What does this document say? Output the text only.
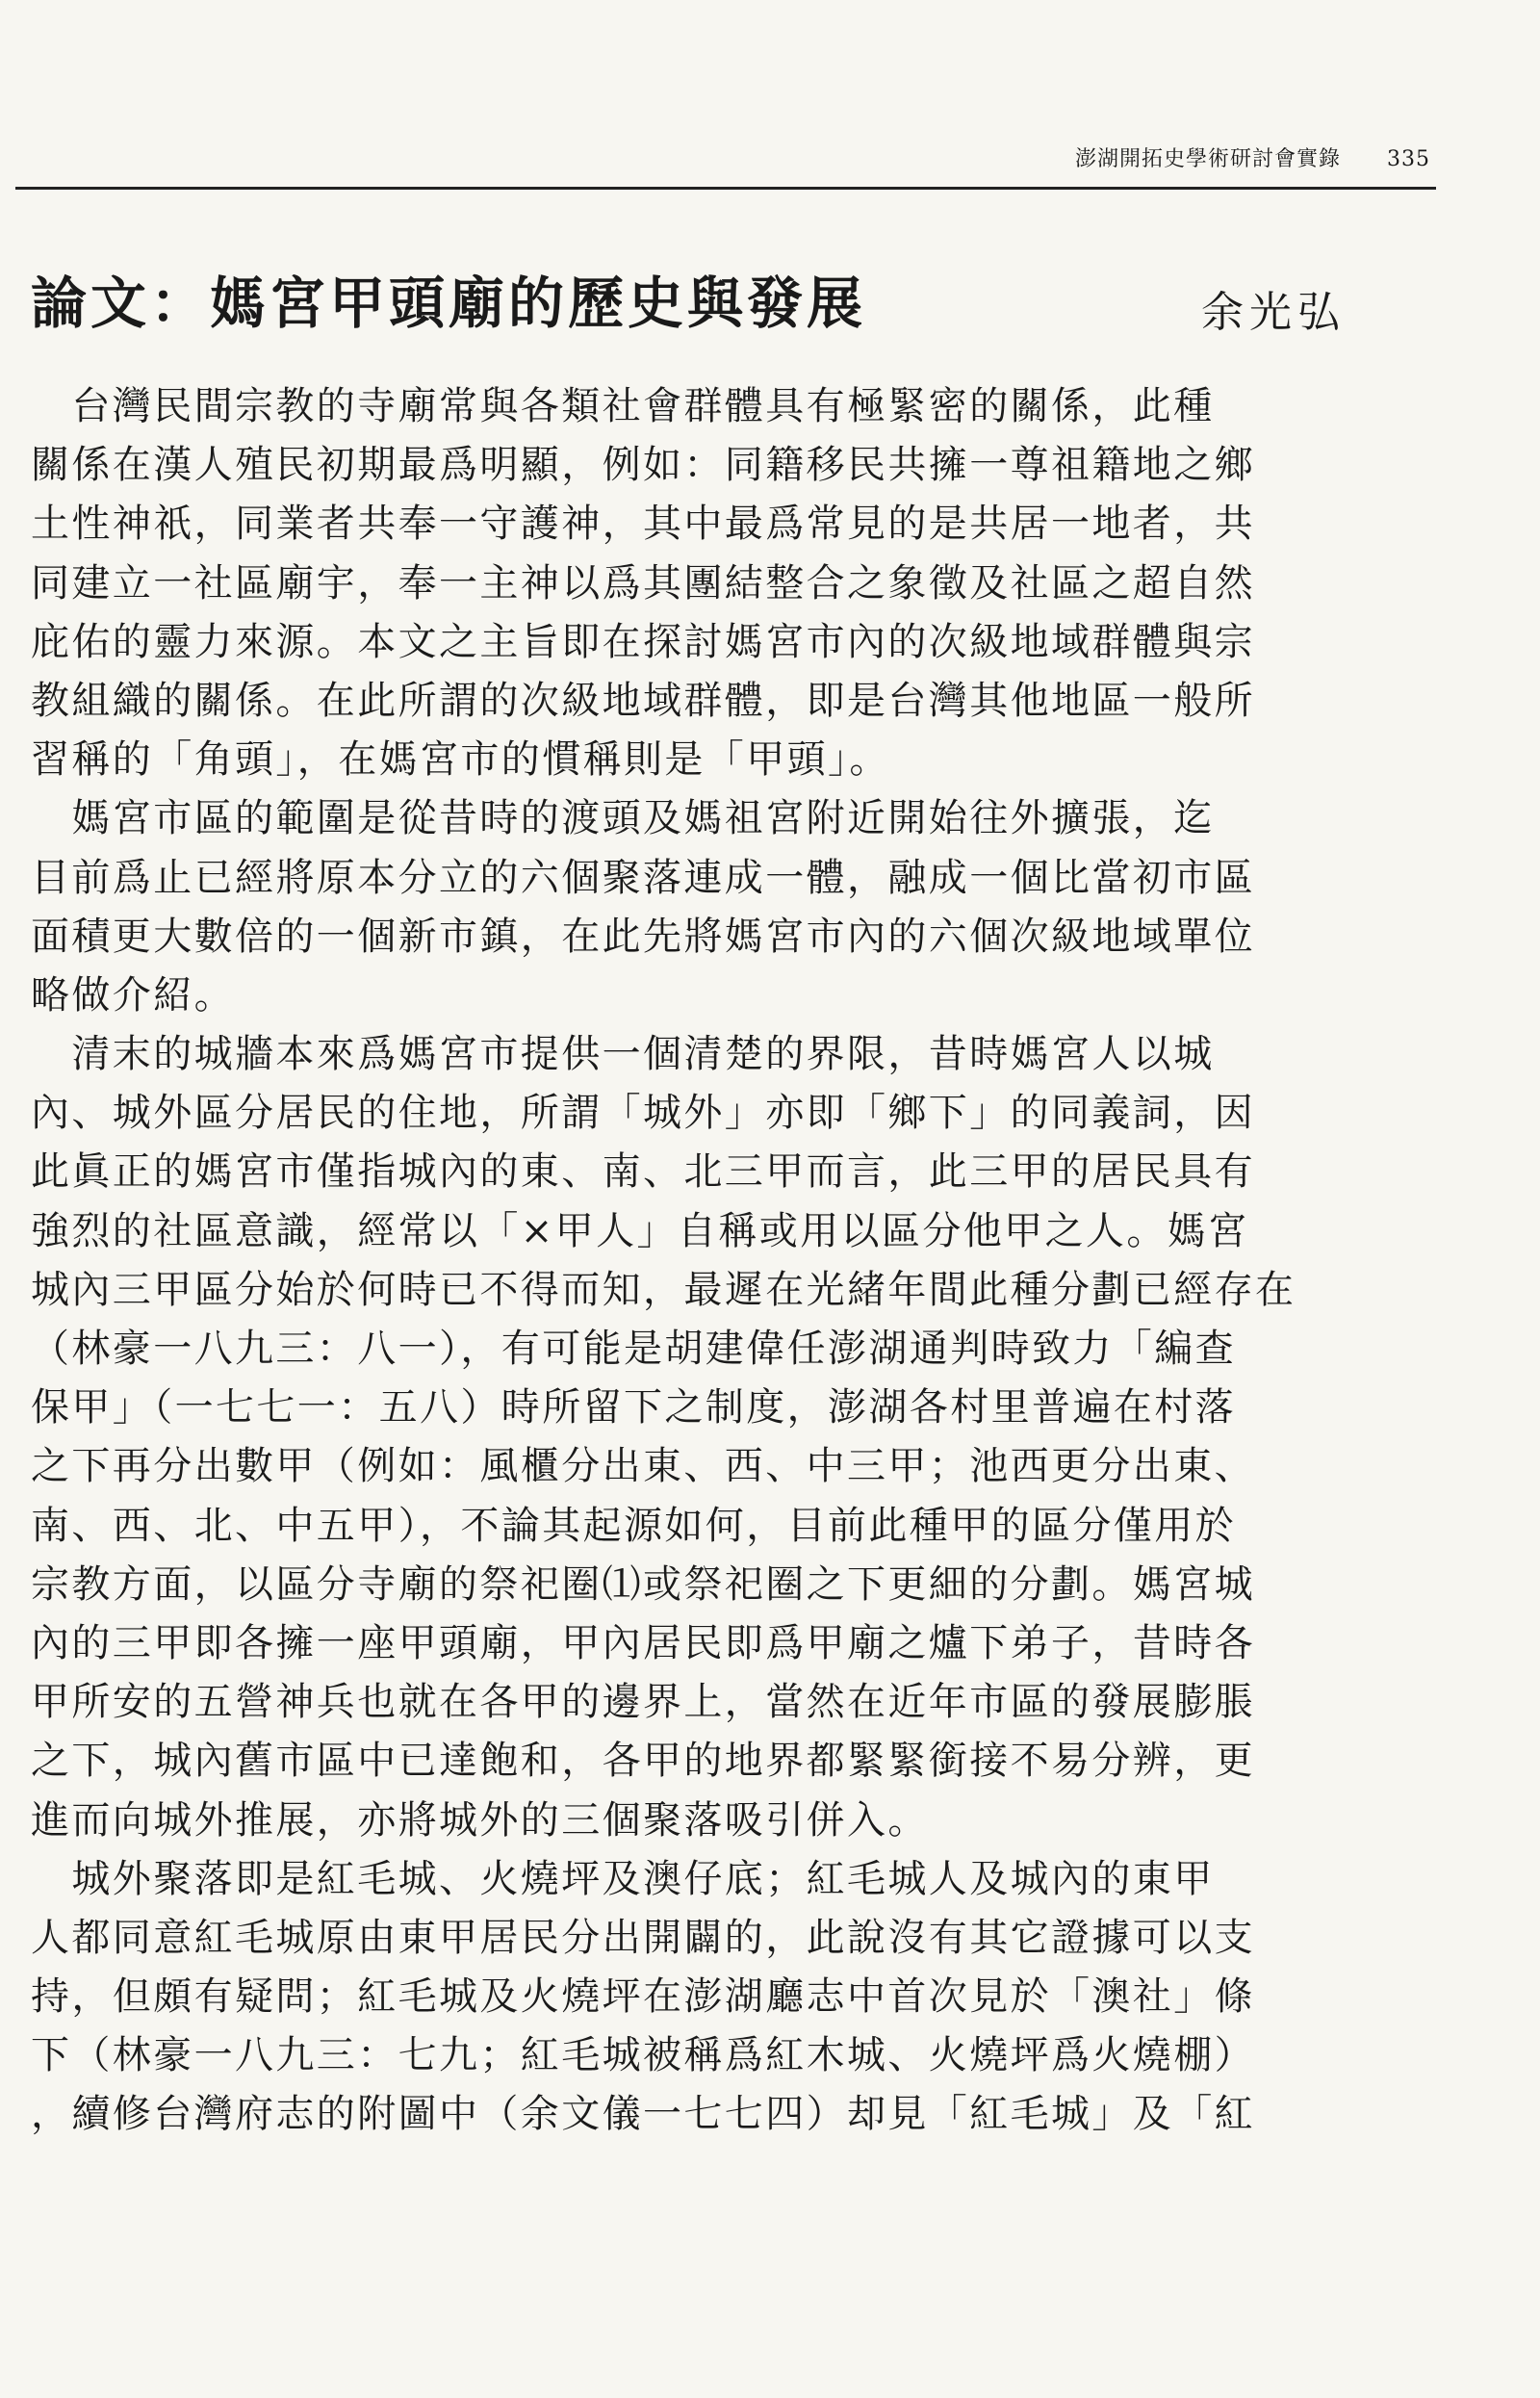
澎湖開拓史學術研討會實錄 335
論文：媽宮甲頭廟的歷史與發展	余光弘
　台灣民間宗教的寺廟常與各類社會群體具有極緊密的關係，此種
關係在漢人殖民初期最爲明顯，例如：同籍移民共擁一尊祖籍地之鄉
土性神祇，同業者共奉一守護神，其中最爲常見的是共居一地者，共
同建立一社區廟宇，奉一主神以爲其團結整合之象徵及社區之超自然
庇佑的靈力來源。本文之主旨即在探討媽宮市內的次級地域群體與宗
教組織的關係。在此所謂的次級地域群體，即是台灣其他地區一般所
習稱的「角頭」，在媽宮市的慣稱則是「甲頭」。
　媽宮市區的範圍是從昔時的渡頭及媽祖宮附近開始往外擴張，迄
目前爲止已經將原本分立的六個聚落連成一體，融成一個比當初市區
面積更大數倍的一個新市鎮，在此先將媽宮市內的六個次級地域單位
略做介紹。
　清末的城牆本來爲媽宮市提供一個清楚的界限，昔時媽宮人以城
內、城外區分居民的住地，所謂「城外」亦即「鄉下」的同義詞，因
此眞正的媽宮市僅指城內的東、南、北三甲而言，此三甲的居民具有
強烈的社區意識，經常以「×甲人」自稱或用以區分他甲之人。媽宮
城內三甲區分始於何時已不得而知，最遲在光緒年間此種分劃已經存在
（林豪一八九三：八一），有可能是胡建偉任澎湖通判時致力「編查
保甲」（一七七一：五八）時所留下之制度，澎湖各村里普遍在村落
之下再分出數甲（例如：風櫃分出東、西、中三甲；池西更分出東、
南、西、北、中五甲），不論其起源如何，目前此種甲的區分僅用於
宗教方面，以區分寺廟的祭祀圈⑴或祭祀圈之下更細的分劃。媽宮城
內的三甲即各擁一座甲頭廟，甲內居民即爲甲廟之爐下弟子，昔時各
甲所安的五營神兵也就在各甲的邊界上，當然在近年市區的發展膨脹
之下，城內舊市區中已達飽和，各甲的地界都緊緊銜接不易分辨，更
進而向城外推展，亦將城外的三個聚落吸引併入。
　城外聚落即是紅毛城、火燒坪及澳仔底；紅毛城人及城內的東甲
人都同意紅毛城原由東甲居民分出開闢的，此說沒有其它證據可以支
持，但頗有疑問；紅毛城及火燒坪在澎湖廳志中首次見於「澳社」條
下（林豪一八九三：七九；紅毛城被稱爲紅木城、火燒坪爲火燒棚）
，續修台灣府志的附圖中（余文儀一七七四）却見「紅毛城」及「紅
